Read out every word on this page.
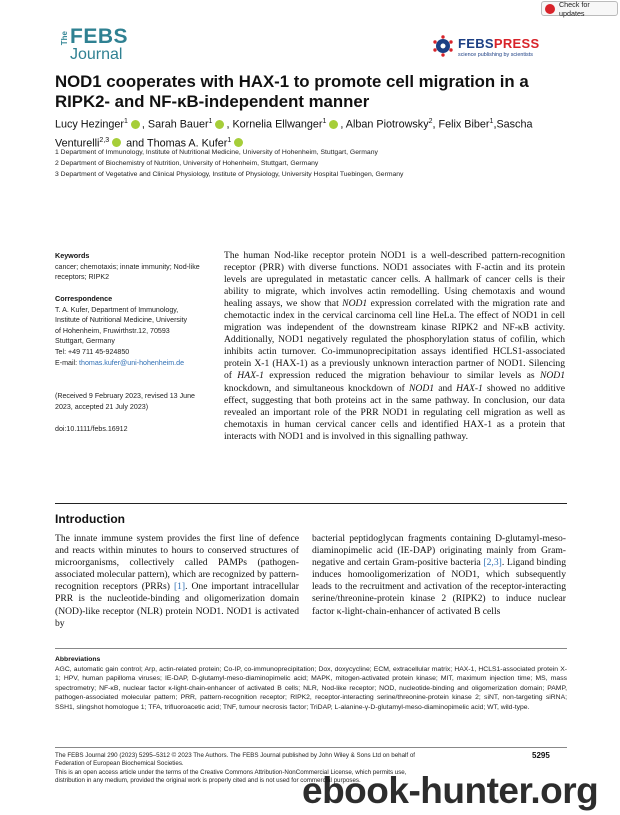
Check for updates
The FEBS
Journal
FEBSPRESS
science publishing by scientists
NOD1 cooperates with HAX-1 to promote cell migration in a RIPK2- and NF-κB-independent manner
Lucy Hezinger$^1$ , Sarah Bauer$^1$ , Kornelia Ellwanger$^1$ , Alban Piotrowsky$^2$, Felix Biber$^1$,Sascha Venturelli$^{2,3}$ and Thomas A. Kufer$^1$
1 Department of Immunology, Institute of Nutritional Medicine, University of Hohenheim, Stuttgart, Germany
2 Department of Biochemistry of Nutrition, University of Hohenheim, Stuttgart, Germany
3 Department of Vegetative and Clinical Physiology, Institute of Physiology, University Hospital Tuebingen, Germany
Keywords
cancer; chemotaxis; innate immunity; Nod-like receptors; RIPK2
Correspondence
T. A. Kufer, Department of Immunology,
Institute of Nutritional Medicine, University
of Hohenheim, Fruwirthstr.12, 70593
Stuttgart, Germany
Tel: +49 711 45-924850
E-mail: thomas.kufer@uni-hohenheim.de
(Received 9 February 2023, revised 13 June 2023, accepted 21 July 2023)
doi:10.1111/febs.16912

The human Nod-like receptor protein NOD1 is a well-described pattern-recognition receptor (PRR) with diverse functions. NOD1 associates with F-actin and its protein levels are upregulated in metastatic cancer cells. A hallmark of cancer cells is their ability to migrate, which involves actin remodelling. Using chemotaxis and wound healing assays, we show that NOD1 expression correlated with the migration rate and chemotactic index in the cervical carcinoma cell line HeLa. The effect of NOD1 in cell migration was independent of the downstream kinase RIPK2 and NF-κB activity. Additionally, NOD1 negatively regulated the phosphorylation status of cofilin, which inhibits actin turnover. Co-immunoprecipitation assays identified HCLS1-associated protein X-1 (HAX-1) as a previously unknown interaction partner of NOD1. Silencing of HAX-1 expression reduced the migration behaviour to similar levels as NOD1 knockdown, and simultaneous knockdown of NOD1 and HAX-1 showed no additive effect, suggesting that both proteins act in the same pathway. In conclusion, our data revealed an important role of the PRR NOD1 in regulating cell migration as well as chemotaxis in human cervical cancer cells and identified HAX-1 as a protein that interacts with NOD1 and is involved in this signalling pathway.

Introduction

The innate immune system provides the first line of defence and reacts within minutes to hours to conserved structures of microorganisms, collectively called PAMPs (pathogen-associated molecular pattern), which are recognized by pattern-recognition receptors (PRRs) [1]. One important intracellular PRR is the nucleotide-binding and oligomerization domain (NOD)-like receptor (NLR) protein NOD1. NOD1 is activated by

bacterial peptidoglycan fragments containing D-glutamyl-meso-diaminopimelic acid (IE-DAP) originating mainly from Gram-negative and certain Gram-positive bacteria [2,3]. Ligand binding induces homooligomerization of NOD1, which subsequently leads to the recruitment and activation of the receptor-interacting serine/threonine-protein kinase 2 (RIPK2) to induce nuclear factor κ-light-chain-enhancer of activated B cells

Abbreviations
AGC, automatic gain control; Arp, actin-related protein; Co-IP, co-immunoprecipitation; Dox, doxycycline; ECM, extracellular matrix; HAX-1, HCLS1-associated protein X-1; HPV, human papilloma viruses; IE-DAP, D-glutamyl-meso-diaminopimelic acid; MAPK, mitogen-activated protein kinase; MIT, maximum injection time; MS, mass spectrometry; NF-κB, nuclear factor κ-light-chain-enhancer of activated B cells; NLR, Nod-like receptor; NOD, nucleotide-binding and oligomerization domain; PAMP, pathogen-associated molecular pattern; PRR, pattern-recognition receptor; RIPK2, receptor-interacting serine/threonine-protein kinase 2; siNT, non-targeting siRNA; SSH1, slingshot homologue 1; TFA, trifluoroacetic acid; TNF, tumour necrosis factor; TriDAP, L-alanine-γ-D-glutamyl-meso-diaminopimelic acid; WT, wild-type.
The FEBS Journal 290 (2023) 5295–5312 © 2023 The Authors. The FEBS Journal published by John Wiley & Sons Ltd on behalf of
Federation of European Biochemical Societies.
This is an open access article under the terms of the Creative Commons Attribution-NonCommercial License, which permits use,
distribution in any medium, provided the original work is properly cited and is not used for commercial purposes.
5295
ebook-hunter.org
